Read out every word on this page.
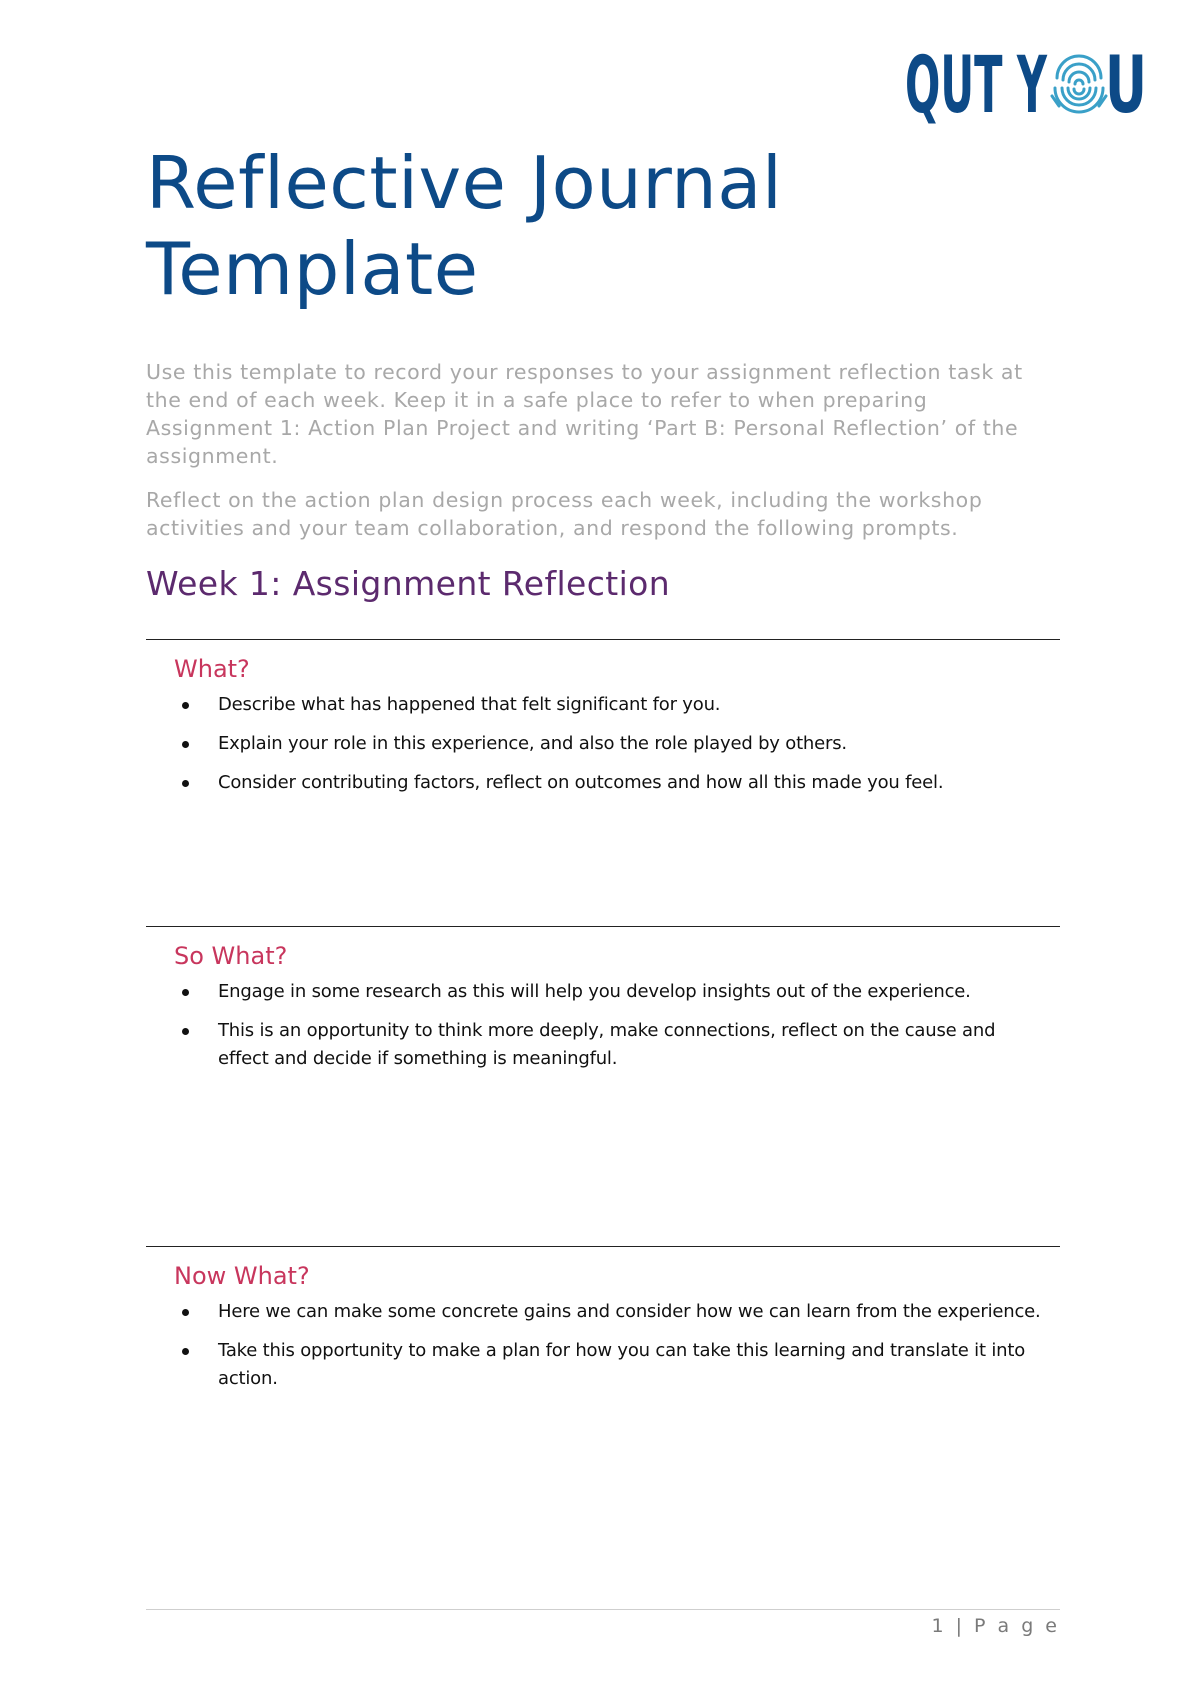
QUT Y U
Reflective Journal Template

Use this template to record your responses to your assignment reflection task at the end of each week. Keep it in a safe place to refer to when preparing Assignment 1: Action Plan Project and writing ‘Part B: Personal Reflection’ of the assignment.

Reflect on the action plan design process each week, including the workshop activities and your team collaboration, and respond the following prompts.

Week 1: Assignment Reflection
What?
Describe what has happened that felt significant for you.
Explain your role in this experience, and also the role played by others.
Consider contributing factors, reflect on outcomes and how all this made you feel.
So What?
Engage in some research as this will help you develop insights out of the experience.
This is an opportunity to think more deeply, make connections, reflect on the cause and effect and decide if something is meaningful.
Now What?
Here we can make some concrete gains and consider how we can learn from the experience.
Take this opportunity to make a plan for how you can take this learning and translate it into action.
1 | P a g e
